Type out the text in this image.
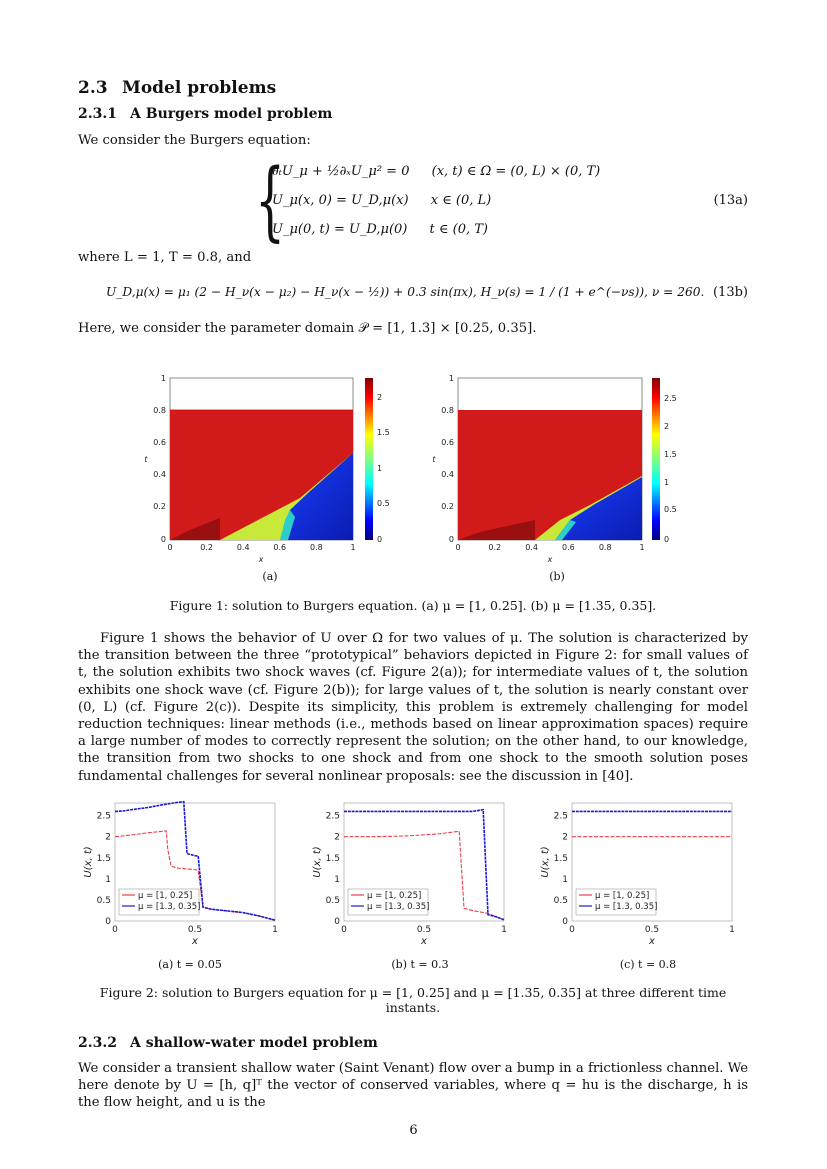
2.3 Model problems
2.3.1 A Burgers model problem
We consider the Burgers equation:
{
∂ₜU_μ + ½∂ₓU_μ² = 0 (x, t) ∈ Ω = (0, L) × (0, T)
U_μ(x, 0) = U_D,μ(x) x ∈ (0, L)
U_μ(0, t) = U_D,μ(0) t ∈ (0, T)
(13a)
where L = 1, T = 0.8, and
U_D,μ(x) = μ₁ (2 − H_ν(x − μ₂) − H_ν(x − ½)) + 0.3 sin(πx), H_ν(s) = 1 / (1 + e^(−νs)), ν = 260. (13b)
Here, we consider the parameter domain 𝒫 = [1, 1.3] × [0.25, 0.35].
1
0.8
0.6
0.4
0.2
0
0	0.2	0.4	0.6	0.8	1
x
t
0
0.5
1
1.5
2
1
0.8
0.6
0.4
0.2
0
0	0.2	0.4	0.6	0.8	1
x
t
0
0.5
1
1.5
2
2.5
(a)	(b)
Figure 1: solution to Burgers equation. (a) μ = [1, 0.25]. (b) μ = [1.35, 0.35].
Figure 1 shows the behavior of U over Ω for two values of μ. The solution is characterized by the transition between the three “prototypical” behaviors depicted in Figure 2: for small values of t, the solution exhibits two shock waves (cf. Figure 2(a)); for intermediate values of t, the solution exhibits one shock wave (cf. Figure 2(b)); for large values of t, the solution is nearly constant over (0, L) (cf. Figure 2(c)). Despite its simplicity, this problem is extremely challenging for model reduction techniques: linear methods (i.e., methods based on linear approximation spaces) require a large number of modes to correctly represent the solution; on the other hand, to our knowledge, the transition from two shocks to one shock and from one shock to the smooth solution poses fundamental challenges for several nonlinear proposals: see the discussion in [40].
0
0.5
1
1.5
2
2.5
0	0.5	1
x
U(x, t)
μ = [1, 0.25]
μ = [1.3, 0.35]
0
0.5
1
1.5
2
2.5
0	0.5	1
x
U(x, t)
μ = [1, 0.25]
μ = [1.3, 0.35]
0
0.5
1
1.5
2
2.5
0	0.5	1
x
U(x, t)
μ = [1, 0.25]
μ = [1.3, 0.35]
(a) t = 0.05	(b) t = 0.3	(c) t = 0.8
Figure 2: solution to Burgers equation for μ = [1, 0.25] and μ = [1.35, 0.35] at three different time instants.
2.3.2 A shallow-water model problem
We consider a transient shallow water (Saint Venant) flow over a bump in a frictionless channel. We here denote by U = [h, q]ᵀ the vector of conserved variables, where q = hu is the discharge, h is the flow height, and u is the
6
